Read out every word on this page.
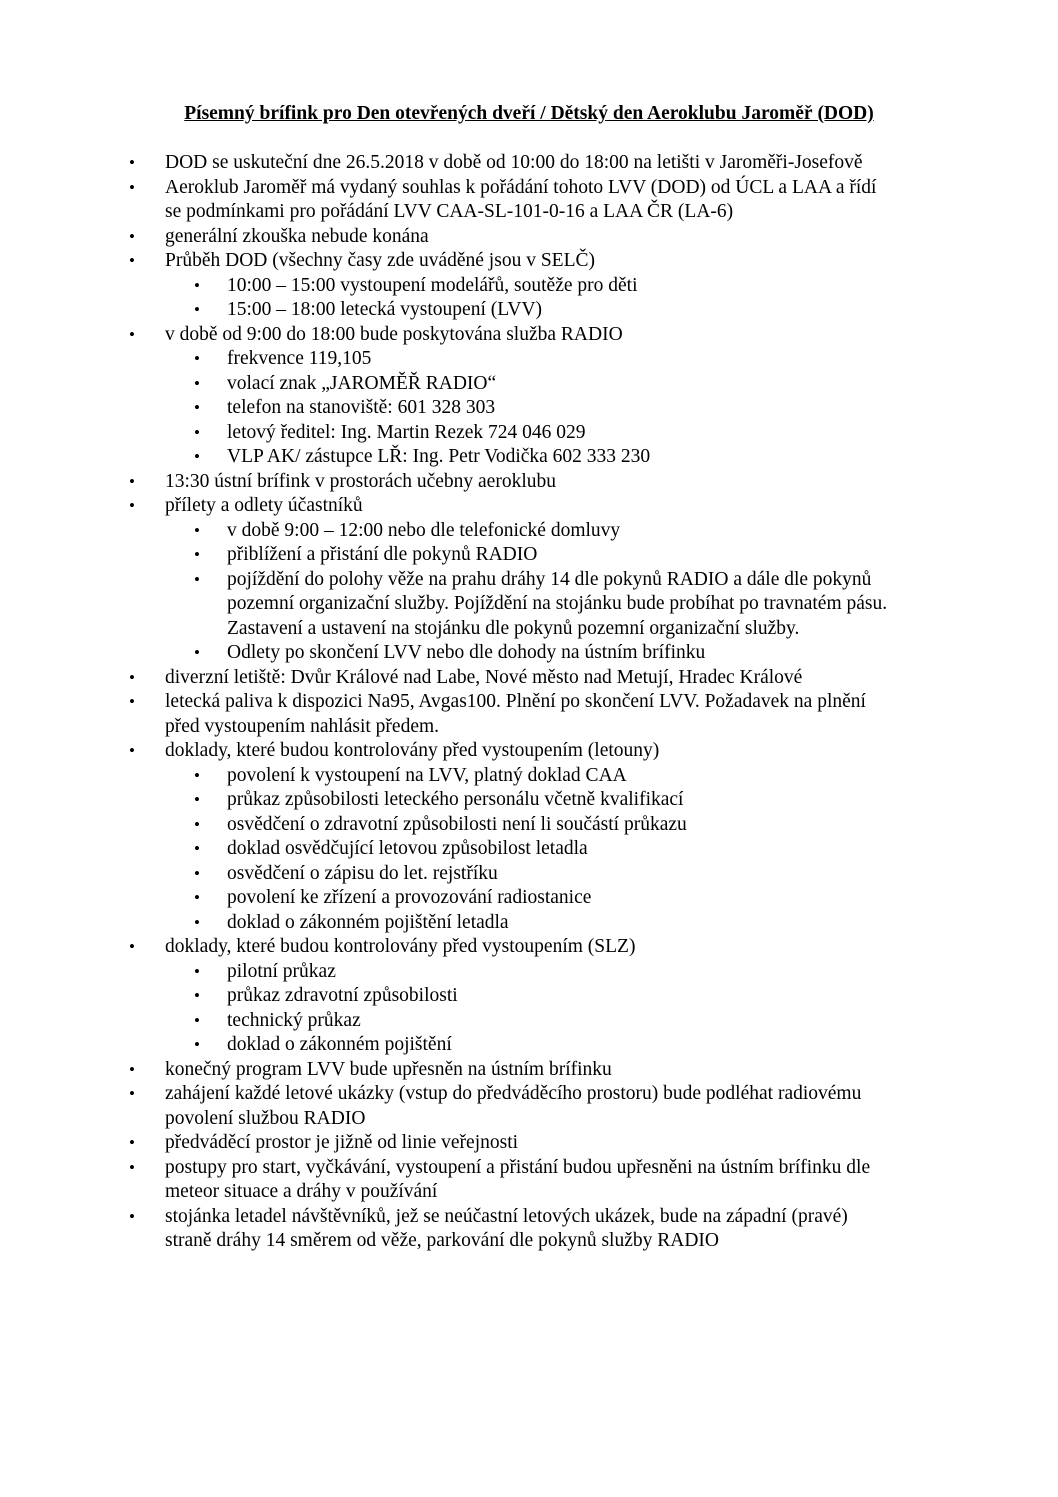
Písemný brífink pro Den otevřených dveří / Dětský den Aeroklubu Jaroměř (DOD)
• DOD se uskuteční dne 26.5.2018 v době od 10:00 do 18:00 na letišti v Jaroměři-Josefově
• Aeroklub Jaroměř má vydaný souhlas k pořádání tohoto LVV (DOD) od ÚCL a LAA a řídí
se podmínkami pro pořádání LVV CAA-SL-101-0-16 a LAA ČR (LA-6)
• generální zkouška nebude konána
• Průběh DOD (všechny časy zde uváděné jsou v SELČ)
• 10:00 – 15:00 vystoupení modelářů, soutěže pro děti
• 15:00 – 18:00 letecká vystoupení (LVV)
• v době od 9:00 do 18:00 bude poskytována služba RADIO
• frekvence 119,105
• volací znak „JAROMĚŘ RADIO“
• telefon na stanoviště: 601 328 303
• letový ředitel: Ing. Martin Rezek 724 046 029
• VLP AK/ zástupce LŘ: Ing. Petr Vodička 602 333 230
• 13:30 ústní brífink v prostorách učebny aeroklubu
• přílety a odlety účastníků
• v době 9:00 – 12:00 nebo dle telefonické domluvy
• přiblížení a přistání dle pokynů RADIO
• pojíždění do polohy věže na prahu dráhy 14 dle pokynů RADIO a dále dle pokynů
pozemní organizační služby. Pojíždění na stojánku bude probíhat po travnatém pásu.
Zastavení a ustavení na stojánku dle pokynů pozemní organizační služby.
• Odlety po skončení LVV nebo dle dohody na ústním brífinku
• diverzní letiště: Dvůr Králové nad Labe, Nové město nad Metují, Hradec Králové
• letecká paliva k dispozici Na95, Avgas100. Plnění po skončení LVV. Požadavek na plnění
před vystoupením nahlásit předem.
• doklady, které budou kontrolovány před vystoupením (letouny)
• povolení k vystoupení na LVV, platný doklad CAA
• průkaz způsobilosti leteckého personálu včetně kvalifikací
• osvědčení o zdravotní způsobilosti není li součástí průkazu
• doklad osvědčující letovou způsobilost letadla
• osvědčení o zápisu do let. rejstříku
• povolení ke zřízení a provozování radiostanice
• doklad o zákonném pojištění letadla
• doklady, které budou kontrolovány před vystoupením (SLZ)
• pilotní průkaz
• průkaz zdravotní způsobilosti
• technický průkaz
• doklad o zákonném pojištění
• konečný program LVV bude upřesněn na ústním brífinku
• zahájení každé letové ukázky (vstup do předváděcího prostoru) bude podléhat radiovému
povolení službou RADIO
• předváděcí prostor je jižně od linie veřejnosti
• postupy pro start, vyčkávání, vystoupení a přistání budou upřesněni na ústním brífinku dle
meteor situace a dráhy v používání
• stojánka letadel návštěvníků, jež se neúčastní letových ukázek, bude na západní (pravé)
straně dráhy 14 směrem od věže, parkování dle pokynů služby RADIO
